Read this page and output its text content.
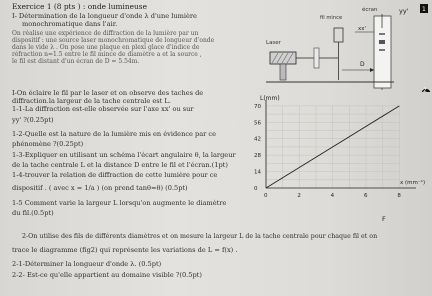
Exercice 1 (8 pts ) : onde lumineuse
I- Détermination de la longueur d'onde λ d'une lumière
monochromatique dans l'air.
On réalise une expérience de diffraction de la lumière par un
dispositif : une source laser monochromatique de longueur d'onde
dans le vide λ . On pose une plaque en plexi glace d'indice de
réfraction n=1.5 entre le fil mince de diamètre a et la source ,
le fil est distant d'un écran de D = 5.54m.
I-On éclaire le fil par le laser et on observe des taches de
diffraction.la largeur de la tache centrale est L.
1-1-La diffraction est-elle observée sur l'axe xx' ou sur
yy' ?(0.25pt)
1-2-Quelle est la nature de la lumière mis en évidence par ce
phénomène ?(0.25pt)
1-3-Expliquer en utilisant un schéma l'écart angulaire θ, la largeur
de la tache centrale L et la distance D entre le fil et l'écran.(1pt)
1-4-trouver la relation de diffraction de cette lumière pour ce
dispositif . ( avec x = 1/a ) (on prend tanθ≈θ) (0.5pt)
1-5 Comment varie la largeur L lorsqu'on augmente le diamètre
du fil.(0.5pt)
2-On utilise des fils de différents diamètres et on mesure la largeur L de la tache centrale pour chaque fil et on
trace le diagramme (fig2) qui représente les variations de L = f(x) .
2-1-Déterminer la longueur d'onde λ. (0.5pt)
2-2- Est-ce qu'elle appartient au domaine visible ?(0.5pt)
écran	yy' 1
fil mince
xx'
Laser
D
2
0	2	4	6	8
0
14
28
42
56
70
L(mm)
x (mm⁻¹)
F
